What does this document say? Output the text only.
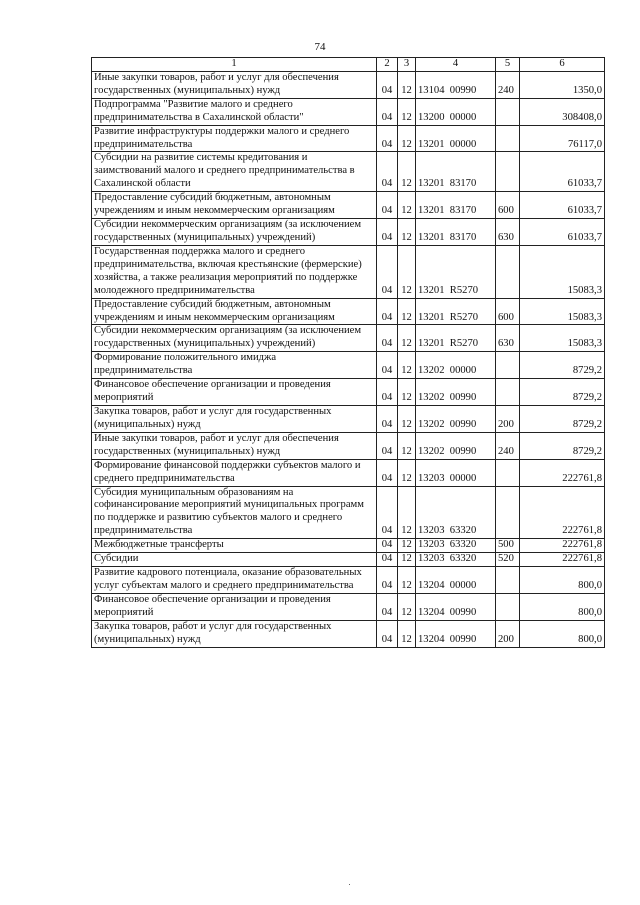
74
1	2	3	4	5	6
Иные закупки товаров, работ и услуг для обеспечения государственных (муниципальных) нужд	04	12	13104  00990	240	1350,0
Подпрограмма "Развитие малого и среднего предпринимательства в Сахалинской области"	04	12	13200  00000		308408,0
Развитие инфраструктуры поддержки малого и среднего предпринимательства	04	12	13201  00000		76117,0
Субсидии на развитие системы кредитования и заимствований малого и среднего предпринимательства в Сахалинской области	04	12	13201  83170		61033,7
Предоставление субсидий бюджетным, автономным учреждениям и иным некоммерческим организациям	04	12	13201  83170	600	61033,7
Субсидии некоммерческим организациям (за исключением государственных (муниципальных) учреждений)	04	12	13201  83170	630	61033,7
Государственная поддержка малого и среднего предпринимательства, включая крестьянские (фермерские) хозяйства, а также реализация мероприятий по поддержке молодежного предпринимательства	04	12	13201  R5270		15083,3
Предоставление субсидий бюджетным, автономным учреждениям и иным некоммерческим организациям	04	12	13201  R5270	600	15083,3
Субсидии некоммерческим организациям (за исключением государственных (муниципальных) учреждений)	04	12	13201  R5270	630	15083,3
Формирование положительного имиджа предпринимательства	04	12	13202  00000		8729,2
Финансовое обеспечение организации и проведения мероприятий	04	12	13202  00990		8729,2
Закупка товаров, работ и услуг для государственных (муниципальных) нужд	04	12	13202  00990	200	8729,2
Иные закупки товаров, работ и услуг для обеспечения государственных (муниципальных) нужд	04	12	13202  00990	240	8729,2
Формирование финансовой поддержки субъектов малого и среднего предпринимательства	04	12	13203  00000		222761,8
Субсидия муниципальным образованиям на софинансирование мероприятий муниципальных программ по поддержке и развитию субъектов малого и среднего предпринимательства	04	12	13203  63320		222761,8
Межбюджетные трансферты	04	12	13203  63320	500	222761,8
Субсидии	04	12	13203  63320	520	222761,8
Развитие кадрового потенциала, оказание образовательных услуг субъектам малого и среднего предпринимательства	04	12	13204  00000		800,0
Финансовое обеспечение организации и проведения мероприятий	04	12	13204  00990		800,0
Закупка товаров, работ и услуг для государственных (муниципальных) нужд	04	12	13204  00990	200	800,0
